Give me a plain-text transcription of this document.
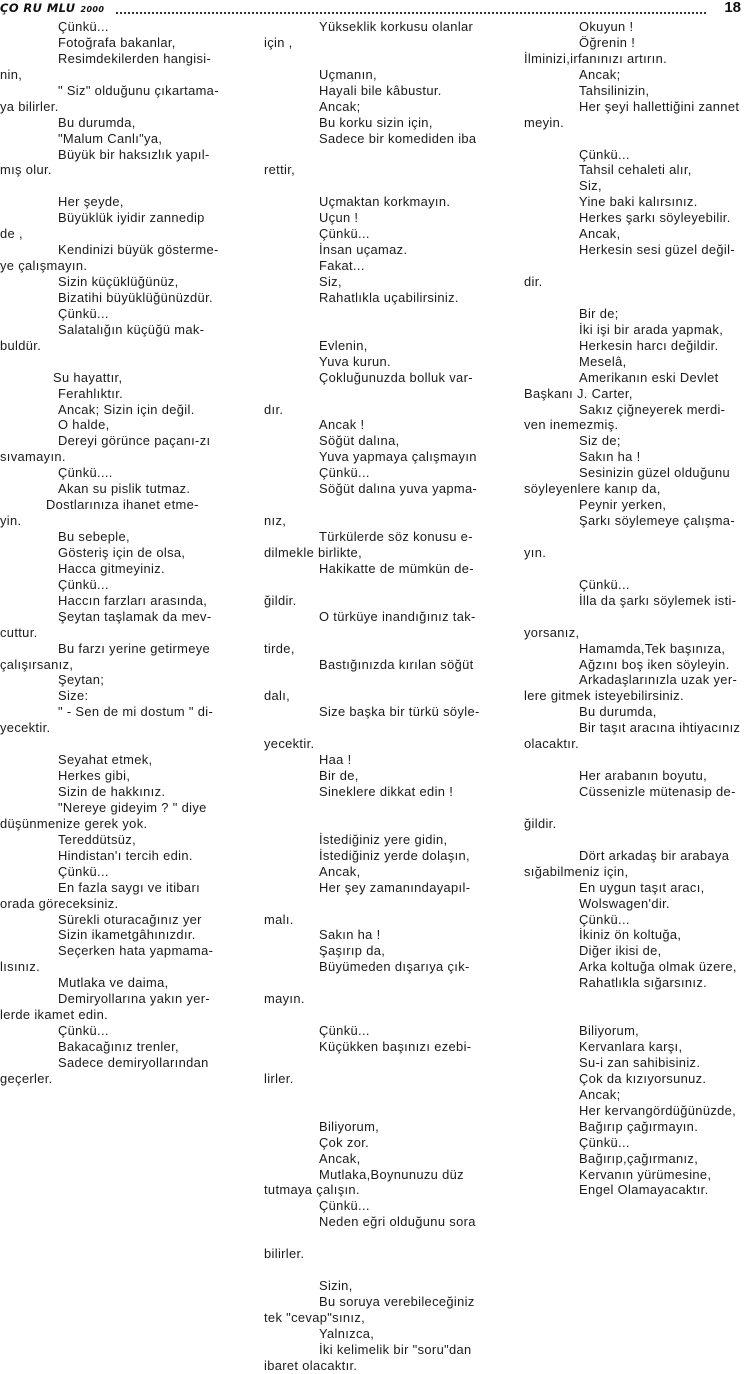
ÇO RU MLU 2000	18
Çünkü...
Fotoğrafa bakanlar,
Resimdekilerden hangisi-
nin,
" Siz" olduğunu çıkartama-
ya bilirler.
Bu durumda,
"Malum Canlı"ya,
Büyük bir haksızlık yapıl-
mış olur.
Her şeyde,
Büyüklük iyidir zannedip
de ,
Kendinizi büyük gösterme-
ye çalışmayın.
Sizin küçüklüğünüz,
Bizatihi büyüklüğünüzdür.
Çünkü...
Salatalığın küçüğü mak-
buldür.
Su hayattır,
Ferahlıktır.
Ancak; Sizin için değil.
O halde,
Dereyi görünce paçanı-zı
sıvamayın.
Çünkü....
Akan su pislik tutmaz.
Dostlarınıza ihanet etme-
yin.
Bu sebeple,
Gösteriş için de olsa,
Hacca gitmeyiniz.
Çünkü...
Haccın farzları arasında,
Şeytan taşlamak da mev-
cuttur.
Bu farzı yerine getirmeye
çalışırsanız,
Şeytan;
Size:
" - Sen de mi dostum " di-
yecektir.
Seyahat etmek,
Herkes gibi,
Sizin de hakkınız.
"Nereye gideyim ? " diye
düşünmenize gerek yok.
Tereddütsüz,
Hindistan'ı tercih edin.
Çünkü...
En fazla saygı ve itibarı
orada göreceksiniz.
Sürekli oturacağınız yer
Sizin ikametgâhınızdır.
Seçerken hata yapmama-
lısınız.
Mutlaka ve daima,
Demiryollarına yakın yer-
lerde ikamet edin.
Çünkü...
Bakacağınız trenler,
Sadece demiryollarından
geçerler.
Yükseklik korkusu olanlar
için ,
Uçmanın,
Hayali bile kâbustur.
Ancak;
Bu korku sizin için,
Sadece bir komediden iba
rettir,
Uçmaktan korkmayın.
Uçun !
Çünkü...
İnsan uçamaz.
Fakat...
Siz,
Rahatlıkla uçabilirsiniz.
Evlenin,
Yuva kurun.
Çokluğunuzda bolluk var-
dır.
Ancak !
Söğüt dalına,
Yuva yapmaya çalışmayın
Çünkü...
Söğüt dalına yuva yapma-
nız,
Türkülerde söz konusu e-
dilmekle birlikte,
Hakikatte de mümkün de-
ğildir.
O türküye inandığınız tak-
tirde,
Bastığınızda kırılan söğüt
dalı,
Size başka bir türkü söyle-
yecektir.
Haa !
Bir de,
Sineklere dikkat edin !
İstediğiniz yere gidin,
İstediğiniz yerde dolaşın,
Ancak,
Her şey zamanındayapıl-
malı.
Sakın ha !
Şaşırıp da,
Büyümeden dışarıya çık-
mayın.
Çünkü...
Küçükken başınızı ezebi-
lirler.
Biliyorum,
Çok zor.
Ancak,
Mutlaka,Boynunuzu düz
tutmaya çalışın.
Çünkü...
Neden eğri olduğunu sora
bilirler.
Sizin,
Bu soruya verebileceğiniz
tek "cevap"sınız,
Yalnızca,
İki kelimelik bir "soru"dan
ibaret olacaktır.
Okuyun !
Öğrenin !
İlminizi,irfanınızı artırın.
Ancak;
Tahsilinizin,
Her şeyi hallettiğini zannet
meyin.
Çünkü...
Tahsil cehaleti alır,
Siz,
Yine baki kalırsınız.
Herkes şarkı söyleyebilir.
Ancak,
Herkesin sesi güzel değil-
dir.
Bir de;
İki işi bir arada yapmak,
Herkesin harcı değildir.
Meselâ,
Amerikanın eski Devlet
Başkanı J. Carter,
Sakız çiğneyerek merdi-
ven inemezmiş.
Siz de;
Sakın ha !
Sesinizin güzel olduğunu
söyleyenlere kanıp da,
Peynir yerken,
Şarkı söylemeye çalışma-
yın.
Çünkü...
İlla da şarkı söylemek isti-
yorsanız,
Hamamda,Tek başınıza,
Ağzını boş iken söyleyin.
Arkadaşlarınızla uzak yer-
lere gitmek isteyebilirsiniz.
Bu durumda,
Bir taşıt aracına ihtiyacınız
olacaktır.
Her arabanın boyutu,
Cüssenizle mütenasip de-
ğildir.
Dört arkadaş bir arabaya
sığabilmeniz için,
En uygun taşıt aracı,
Wolswagen'dir.
Çünkü...
İkiniz ön koltuğa,
Diğer ikisi de,
Arka koltuğa olmak üzere,
Rahatlıkla sığarsınız.
Biliyorum,
Kervanlara karşı,
Su-i zan sahibisiniz.
Çok da kızıyorsunuz.
Ancak;
Her kervangördüğünüzde,
Bağırıp çağırmayın.
Çünkü...
Bağırıp,çağırmanız,
Kervanın yürümesine,
Engel Olamayacaktır.
